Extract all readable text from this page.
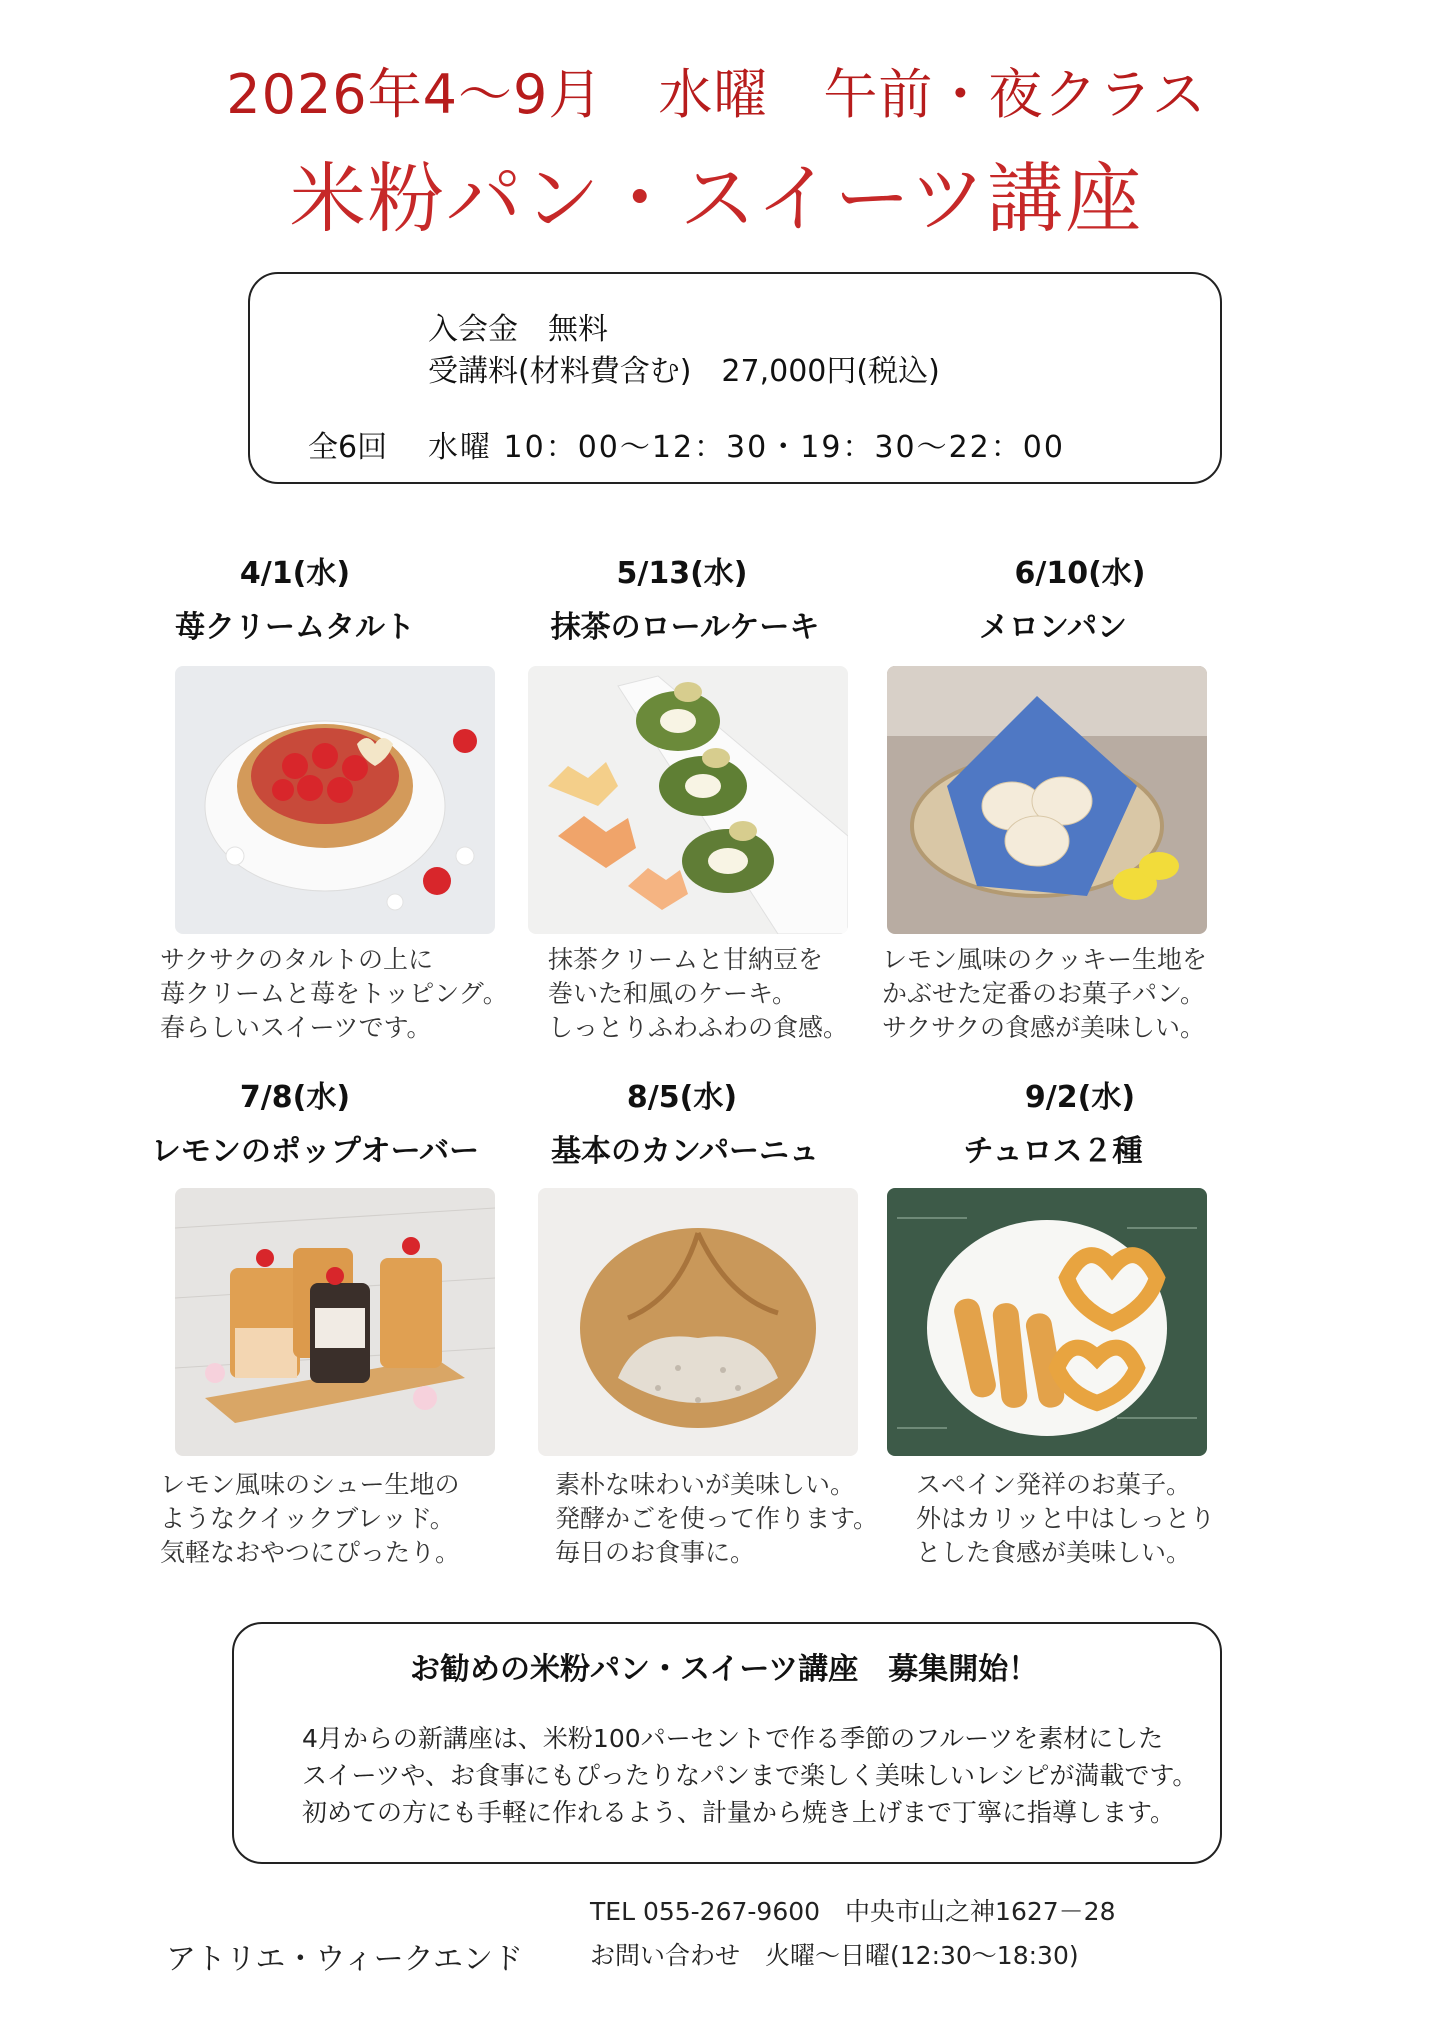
2026年4～9月　水曜　午前・夜クラス
米粉パン・スイーツ講座
入会金　無料
受講料(材料費含む)　27,000円(税込)
全6回 水曜 10：00～12：30・19：30～22：00
4/1(水)
苺クリームタルト
サクサクのタルトの上に
苺クリームと苺をトッピング。
春らしいスイーツです。
5/13(水)
抹茶のロールケーキ
抹茶クリームと甘納豆を
巻いた和風のケーキ。
しっとりふわふわの食感。
6/10(水)
メロンパン
レモン風味のクッキー生地を
かぶせた定番のお菓子パン。
サクサクの食感が美味しい。
7/8(水)
レモンのポップオーバー
レモン風味のシュー生地の
ようなクイックブレッド。
気軽なおやつにぴったり。
8/5(水)
基本のカンパーニュ
素朴な味わいが美味しい。
発酵かごを使って作ります。
毎日のお食事に。
9/2(水)
チュロス２種
スペイン発祥のお菓子。
外はカリッと中はしっとり
とした食感が美味しい。
お勧めの米粉パン・スイーツ講座　募集開始！
4月からの新講座は、米粉100パーセントで作る季節のフルーツを素材にした
スイーツや、お食事にもぴったりなパンまで楽しく美味しいレシピが満載です。
初めての方にも手軽に作れるよう、計量から焼き上げまで丁寧に指導します。
TEL 055-267-9600　中央市山之神1627－28
お問い合わせ　火曜～日曜(12:30～18:30)
アトリエ・ウィークエンド
